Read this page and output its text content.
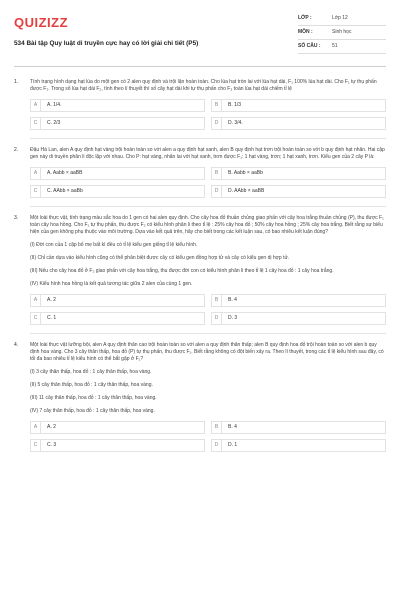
QUIZIZZ
534 Bài tập Quy luật di truyền cực hay có lời giải chi tiết (P5)
LỚP :	Lớp 12
MÔN :	Sinh học
SỐ CÂU :	51
1.	Tính trạng hình dạng hạt lúa do một gen có 2 alen quy định và trội lặn hoàn toàn. Cho lúa hạt tròn lai với lúa hạt dài, F₁ 100% lúa hạt dài. Cho F₁ tự thụ phấn được F₂. Trong số lúa hạt dài F₂, tính theo lí thuyết thì số cây hạt dài khi tự thụ phấn cho F₃ toàn lúa hạt dài chiếm tỉ lệ
A	A. 1/4.	B	B. 1/3
C	C. 2/3	D	D. 3/4.
2.	Đậu Hà Lan, alen A quy định hạt vàng trội hoàn toàn so với alen a quy định hạt xanh, alen B quy định hạt trơn trội hoàn toàn so với b quy định hạt nhăn. Hai cặp gen này di truyền phân li độc lập với nhau. Cho P: hạt vàng, nhăn lai với hạt xanh, trơn được F₁: 1 hạt vàng, trơn; 1 hạt xanh, trơn. Kiểu gen của 2 cây P là:
A	A. Aabb × aaBB	B	B. Aabb × aaBb
C	C. AAbb × aaBb	D	D. AAbb × aaBB
3.	Một loài thực vật, tính trạng màu sắc hoa do 1 gen có hai alen quy định. Cho cây hoa đỏ thuần chủng giao phấn với cây hoa trắng thuần chủng (P), thu được F₁ toàn cây hoa hồng. Cho F₁ tự thụ phấn, thu được F₂ có kiểu hình phân li theo tỉ lệ : 25% cây hoa đỏ ; 50% cây hoa hồng ; 25% cây hoa trắng. Biết rằng sự biểu hiện của gen không phụ thuộc vào môi trường. Dựa vào kết quả trên, hãy cho biết trong các kết luận sau, có bao nhiêu kết luận đúng?
(I) Đời con của 1 cặp bố mẹ bất kì đều có tỉ lệ kiểu gen giống tỉ lệ kiểu hình.
(II) Chỉ cần dựa vào kiểu hình cũng có thể phân biệt được cây có kiểu gen đồng hợp tử và cây có kiểu gen dị hợp tử.
(III) Nếu cho cây hoa đỏ ở F₂ giao phấn với cây hoa trắng, thu được đời con có kiểu hình phân li theo tỉ lệ 1 cây hoa đỏ : 1 cây hoa trắng.
(IV) Kiểu hình hoa hồng là kết quả tương tác giữa 2 alen của cùng 1 gen.
A	A. 2	B	B. 4
C	C. 1	D	D. 3
4.	Một loài thực vật lưỡng bội, alen A quy định thân cao trội hoàn toàn so với alen a quy định thân thấp; alen B quy định hoa đỏ trội hoàn toàn so với alen b quy định hoa vàng. Cho 3 cây thân thấp, hoa đỏ (P) tự thụ phấn, thu được F₁. Biết rằng không có đột biến xảy ra. Theo lí thuyết, trong các tỉ lệ kiểu hình sau đây, có tối đa bao nhiêu tỉ lệ kiểu hình có thể bắt gặp ở F₁?
(I) 3 cây thân thấp, hoa đỏ : 1 cây thân thấp, hoa vàng.
(II) 5 cây thân thấp, hoa đỏ : 1 cây thân thấp, hoa vàng.
(III) 11 cây thân thấp, hoa đỏ : 1 cây thân thấp, hoa vàng.
(IV) 7 cây thân thấp, hoa đỏ : 1 cây thân thấp, hoa vàng.
A	A. 2	B	B. 4
C	C. 3	D	D. 1
